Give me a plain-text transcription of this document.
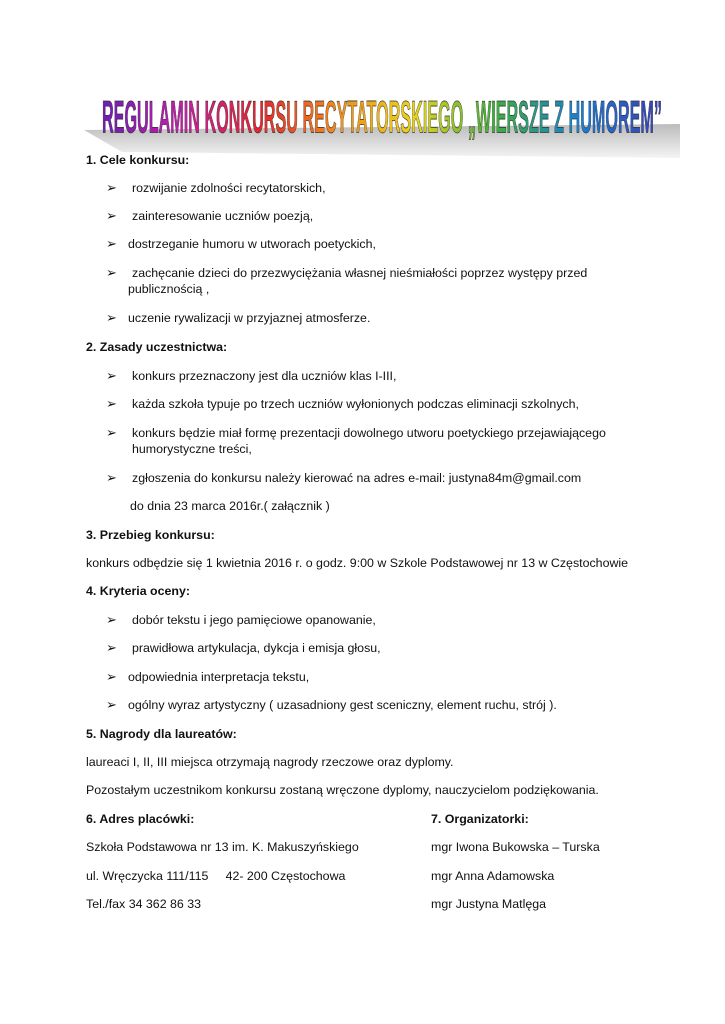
REGULAMIN KONKURSU RECYTATORSKIEGO „WIERSZE Z HUMOREM”
1. Cele konkursu:
➢ rozwijanie zdolności recytatorskich,
➢ zainteresowanie uczniów poezją,
➢ dostrzeganie humoru w utworach poetyckich,
➢ zachęcanie dzieci do przezwyciężania własnej nieśmiałości poprzez występy przed
publicznością ,
➢ uczenie rywalizacji w przyjaznej atmosferze.
2. Zasady uczestnictwa:
➢ konkurs przeznaczony jest dla uczniów klas I-III,
➢ każda szkoła typuje po trzech uczniów wyłonionych podczas eliminacji szkolnych,
➢ konkurs będzie miał formę prezentacji dowolnego utworu poetyckiego przejawiającego
humorystyczne treści,
➢ zgłoszenia do konkursu należy kierować na adres e-mail: justyna84m@gmail.com
do dnia 23 marca 2016r.( załącznik )
3. Przebieg konkursu:
konkurs odbędzie się 1 kwietnia 2016 r. o godz. 9:00 w Szkole Podstawowej nr 13 w Częstochowie
4. Kryteria oceny:
➢ dobór tekstu i jego pamięciowe opanowanie,
➢ prawidłowa artykulacja, dykcja i emisja głosu,
➢ odpowiednia interpretacja tekstu,
➢ ogólny wyraz artystyczny ( uzasadniony gest sceniczny, element ruchu, strój ).
5. Nagrody dla laureatów:
laureaci I, II, III miejsca otrzymają nagrody rzeczowe oraz dyplomy.
Pozostałym uczestnikom konkursu zostaną wręczone dyplomy, nauczycielom podziękowania.
6. Adres placówki:	7. Organizatorki:
Szkoła Podstawowa nr 13 im. K. Makuszyńskiego	mgr Iwona Bukowska – Turska
ul. Wręczycka 111/115     42- 200 Częstochowa	mgr Anna Adamowska
Tel./fax 34 362 86 33	mgr Justyna Matlęga
